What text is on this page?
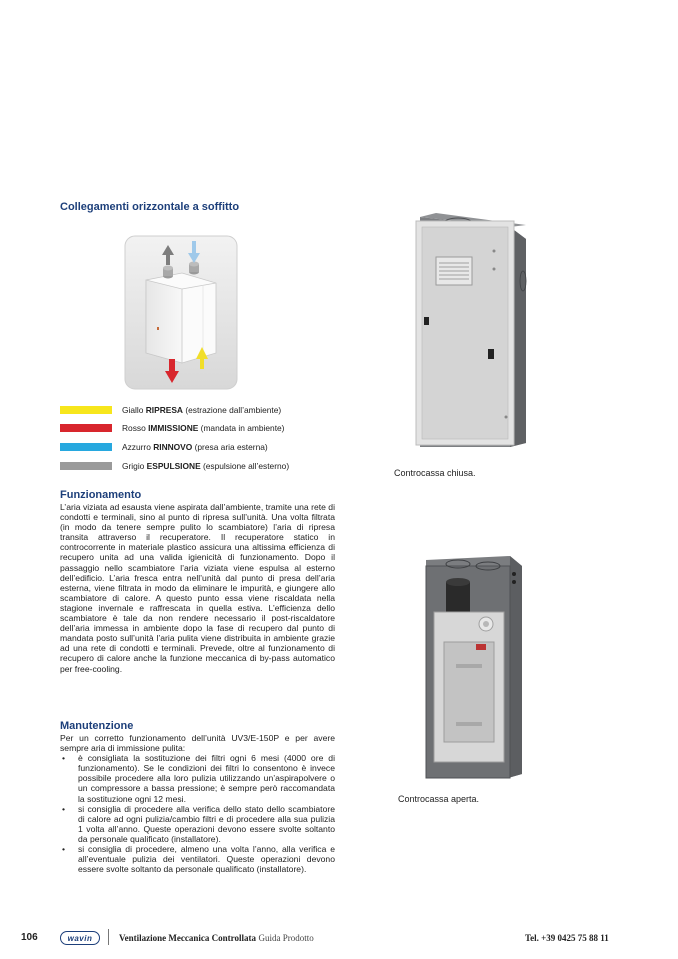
Collegamenti orizzontale a soffitto
Giallo RIPRESA (estrazione dall’ambiente)
Rosso IMMISSIONE (mandata in ambiente)
Azzurro RINNOVO (presa aria esterna)
Grigio ESPULSIONE (espulsione all’esterno)
Funzionamento
L’aria viziata ad esausta viene aspirata dall’ambiente, tramite una rete di condotti e terminali, sino al punto di ripresa sull’unità. Una volta filtrata (in modo da tenere sempre pulito lo scambiatore) l’aria di ripresa transita attraverso il recuperatore. Il recuperatore statico in controcorrente in materiale plastico assicura una altissima efficienza di recupero unita ad una valida igienicità di funzionamento. Dopo il passaggio nello scambiatore l’aria viziata viene espulsa al esterno dell’edificio. L’aria fresca entra nell’unità dal punto di presa dell’aria esterna, viene filtrata in modo da eliminare le impurità, e giungere allo scambiatore di calore. A questo punto essa viene riscaldata nella stagione invernale e raffrescata in quella estiva. L’efficienza dello scambiatore è tale da non rendere necessario il post-riscaldatore dell’aria immessa in ambiente dopo la fase di recupero dal punto di mandata posto sull’unità l’aria pulita viene distribuita in ambiente grazie ad una rete di condotti e terminali. Prevede, oltre al funzionamento di recupero di calore anche la funzione meccanica di by-pass automatico per free-cooling.
Manutenzione
Per un corretto funzionamento dell’unità UV3/E-150P e per avere sempre aria di immissione pulita:
• è consigliata la sostituzione dei filtri ogni 6 mesi (4000 ore di funzionamento). Se le condizioni dei filtri lo consentono è invece possibile procedere alla loro pulizia utilizzando un’aspirapolvere o un compressore a bassa pressione; è sempre però raccomandata la sostituzione ogni 12 mesi.
• si consiglia di procedere alla verifica dello stato dello scambiatore di calore ad ogni pulizia/cambio filtri e di procedere alla sua pulizia 1 volta all’anno. Queste operazioni devono essere svolte soltanto da personale qualificato (installatore).
• si consiglia di procedere, almeno una volta l’anno, alla verifica e all’eventuale pulizia dei ventilatori. Queste operazioni devono essere svolte soltanto da personale qualificato (installatore).
Controcassa chiusa.
Controcassa aperta.
106	wavin	Ventilazione Meccanica Controllata Guida Prodotto	Tel. +39 0425 75 88 11
